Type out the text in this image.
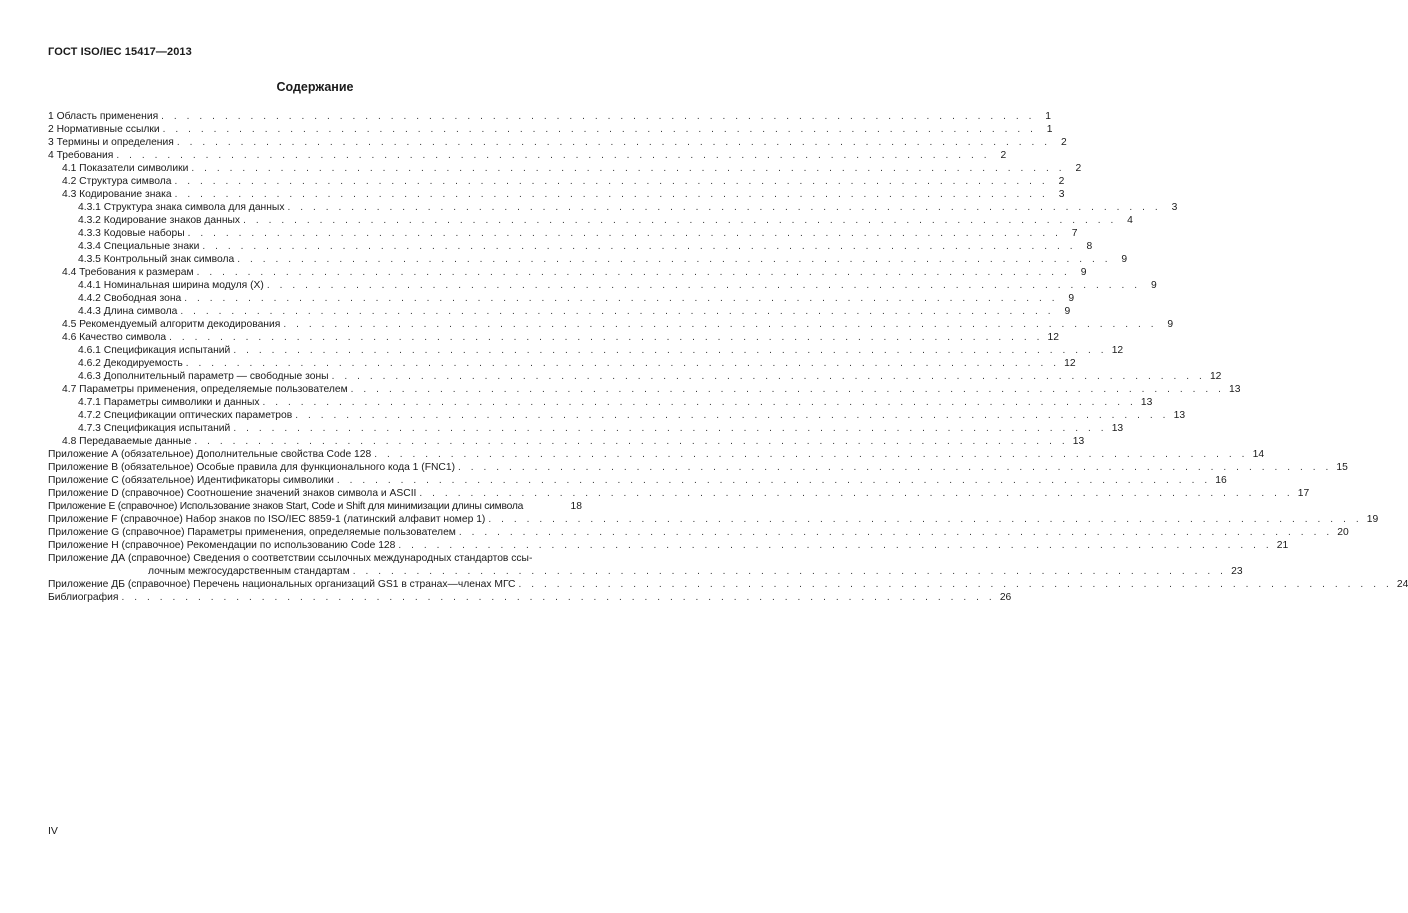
ГОСТ ISO/IEC 15417—2013
Содержание
1 Область применения . . . . . . . . . . . . . . . . . . . . . . . . . . . . . . . . . . . . . . . . . . . . . . . . . . . . . . . . . . . . . . . . . . . . . 1
2 Нормативные ссылки . . . . . . . . . . . . . . . . . . . . . . . . . . . . . . . . . . . . . . . . . . . . . . . . . . . . . . . . . . . . . . . . . . . . . 1
3 Термины и определения . . . . . . . . . . . . . . . . . . . . . . . . . . . . . . . . . . . . . . . . . . . . . . . . . . . . . . . . . . . . . . . . . . . . . 2
4 Требования . . . . . . . . . . . . . . . . . . . . . . . . . . . . . . . . . . . . . . . . . . . . . . . . . . . . . . . . . . . . . . . . . . . . . 2
4.1 Показатели символики . . . . . . . . . . . . . . . . . . . . . . . . . . . . . . . . . . . . . . . . . . . . . . . . . . . . . . . . . . . . . . . . . . . . . 2
4.2 Структура символа . . . . . . . . . . . . . . . . . . . . . . . . . . . . . . . . . . . . . . . . . . . . . . . . . . . . . . . . . . . . . . . . . . . . . 2
4.3 Кодирование знака . . . . . . . . . . . . . . . . . . . . . . . . . . . . . . . . . . . . . . . . . . . . . . . . . . . . . . . . . . . . . . . . . . . . . 3
4.3.1 Структура знака символа для данных . . . . . . . . . . . . . . . . . . . . . . . . . . . . . . . . . . . . . . . . . . . . . . . . . . . . . . . . . . . . . . . . . . . . . 3
4.3.2 Кодирование знаков данных . . . . . . . . . . . . . . . . . . . . . . . . . . . . . . . . . . . . . . . . . . . . . . . . . . . . . . . . . . . . . . . . . . . . . 4
4.3.3 Кодовые наборы . . . . . . . . . . . . . . . . . . . . . . . . . . . . . . . . . . . . . . . . . . . . . . . . . . . . . . . . . . . . . . . . . . . . . 7
4.3.4 Специальные знаки . . . . . . . . . . . . . . . . . . . . . . . . . . . . . . . . . . . . . . . . . . . . . . . . . . . . . . . . . . . . . . . . . . . . . 8
4.3.5 Контрольный знак символа . . . . . . . . . . . . . . . . . . . . . . . . . . . . . . . . . . . . . . . . . . . . . . . . . . . . . . . . . . . . . . . . . . . . . 9
4.4 Требования к размерам . . . . . . . . . . . . . . . . . . . . . . . . . . . . . . . . . . . . . . . . . . . . . . . . . . . . . . . . . . . . . . . . . . . . . 9
4.4.1 Номинальная ширина модуля (X) . . . . . . . . . . . . . . . . . . . . . . . . . . . . . . . . . . . . . . . . . . . . . . . . . . . . . . . . . . . . . . . . . . . . . 9
4.4.2 Свободная зона . . . . . . . . . . . . . . . . . . . . . . . . . . . . . . . . . . . . . . . . . . . . . . . . . . . . . . . . . . . . . . . . . . . . . 9
4.4.3 Длина символа . . . . . . . . . . . . . . . . . . . . . . . . . . . . . . . . . . . . . . . . . . . . . . . . . . . . . . . . . . . . . . . . . . . . . 9
4.5 Рекомендуемый алгоритм декодирования . . . . . . . . . . . . . . . . . . . . . . . . . . . . . . . . . . . . . . . . . . . . . . . . . . . . . . . . . . . . . . . . . . . . . 9
4.6 Качество символа . . . . . . . . . . . . . . . . . . . . . . . . . . . . . . . . . . . . . . . . . . . . . . . . . . . . . . . . . . . . . . . . . . . . . 12
4.6.1 Спецификация испытаний . . . . . . . . . . . . . . . . . . . . . . . . . . . . . . . . . . . . . . . . . . . . . . . . . . . . . . . . . . . . . . . . . . . . . 12
4.6.2 Декодируемость . . . . . . . . . . . . . . . . . . . . . . . . . . . . . . . . . . . . . . . . . . . . . . . . . . . . . . . . . . . . . . . . . . . . . 12
4.6.3 Дополнительный параметр — свободные зоны . . . . . . . . . . . . . . . . . . . . . . . . . . . . . . . . . . . . . . . . . . . . . . . . . . . . . . . . . . . . . . . . . . . . . 12
4.7 Параметры применения, определяемые пользователем . . . . . . . . . . . . . . . . . . . . . . . . . . . . . . . . . . . . . . . . . . . . . . . . . . . . . . . . . . . . . . . . . . . . . 13
4.7.1 Параметры символики и данных . . . . . . . . . . . . . . . . . . . . . . . . . . . . . . . . . . . . . . . . . . . . . . . . . . . . . . . . . . . . . . . . . . . . . 13
4.7.2 Спецификации оптических параметров . . . . . . . . . . . . . . . . . . . . . . . . . . . . . . . . . . . . . . . . . . . . . . . . . . . . . . . . . . . . . . . . . . . . . 13
4.7.3 Спецификация испытаний . . . . . . . . . . . . . . . . . . . . . . . . . . . . . . . . . . . . . . . . . . . . . . . . . . . . . . . . . . . . . . . . . . . . . 13
4.8 Передаваемые данные . . . . . . . . . . . . . . . . . . . . . . . . . . . . . . . . . . . . . . . . . . . . . . . . . . . . . . . . . . . . . . . . . . . . . 13
Приложение А (обязательное) Дополнительные свойства Code 128 . . . . . . . . . . . . . . . . . . . . . . . . . . . . . . . . . . . . . . . . . . . . . . . . . . . . . . . . . . . . . . . . . . . . . 14
Приложение В (обязательное) Особые правила для функционального кода 1 (FNC1) . . . . . . . . . . . . . . . . . . . . . . . . . . . . . . . . . . . . . . . . . . . . . . . . . . . . . . . . . . . . . . . . . . . . . 15
Приложение С (обязательное) Идентификаторы символики . . . . . . . . . . . . . . . . . . . . . . . . . . . . . . . . . . . . . . . . . . . . . . . . . . . . . . . . . . . . . . . . . . . . . 16
Приложение D (справочное) Соотношение значений знаков символа и ASCII . . . . . . . . . . . . . . . . . . . . . . . . . . . . . . . . . . . . . . . . . . . . . . . . . . . . . . . . . . . . . . . . . . . . . 17
Приложение Е (справочное) Использование знаков Start, Code и Shift для минимизации длины символа	18
Приложение F (справочное) Набор знаков по ISO/IEC 8859-1 (латинский алфавит номер 1) . . . . . . . . . . . . . . . . . . . . . . . . . . . . . . . . . . . . . . . . . . . . . . . . . . . . . . . . . . . . . . . . . . . . . 19
Приложение G (справочное) Параметры применения, определяемые пользователем . . . . . . . . . . . . . . . . . . . . . . . . . . . . . . . . . . . . . . . . . . . . . . . . . . . . . . . . . . . . . . . . . . . . . 20
Приложение Н (справочное) Рекомендации по использованию Code 128 . . . . . . . . . . . . . . . . . . . . . . . . . . . . . . . . . . . . . . . . . . . . . . . . . . . . . . . . . . . . . . . . . . . . . 21
Приложение ДА (справочное) Сведения о соответствии ссылочных международных стандартов ссы-
лочным межгосударственным стандартам . . . . . . . . . . . . . . . . . . . . . . . . . . . . . . . . . . . . . . . . . . . . . . . . . . . . . . . . . . . . . . . . . . . . . 23
Приложение ДБ (справочное) Перечень национальных организаций GS1 в странах—членах МГС . . . . . . . . . . . . . . . . . . . . . . . . . . . . . . . . . . . . . . . . . . . . . . . . . . . . . . . . . . . . . . . . . . . . . 24
Библиография . . . . . . . . . . . . . . . . . . . . . . . . . . . . . . . . . . . . . . . . . . . . . . . . . . . . . . . . . . . . . . . . . . . . . 26
IV
